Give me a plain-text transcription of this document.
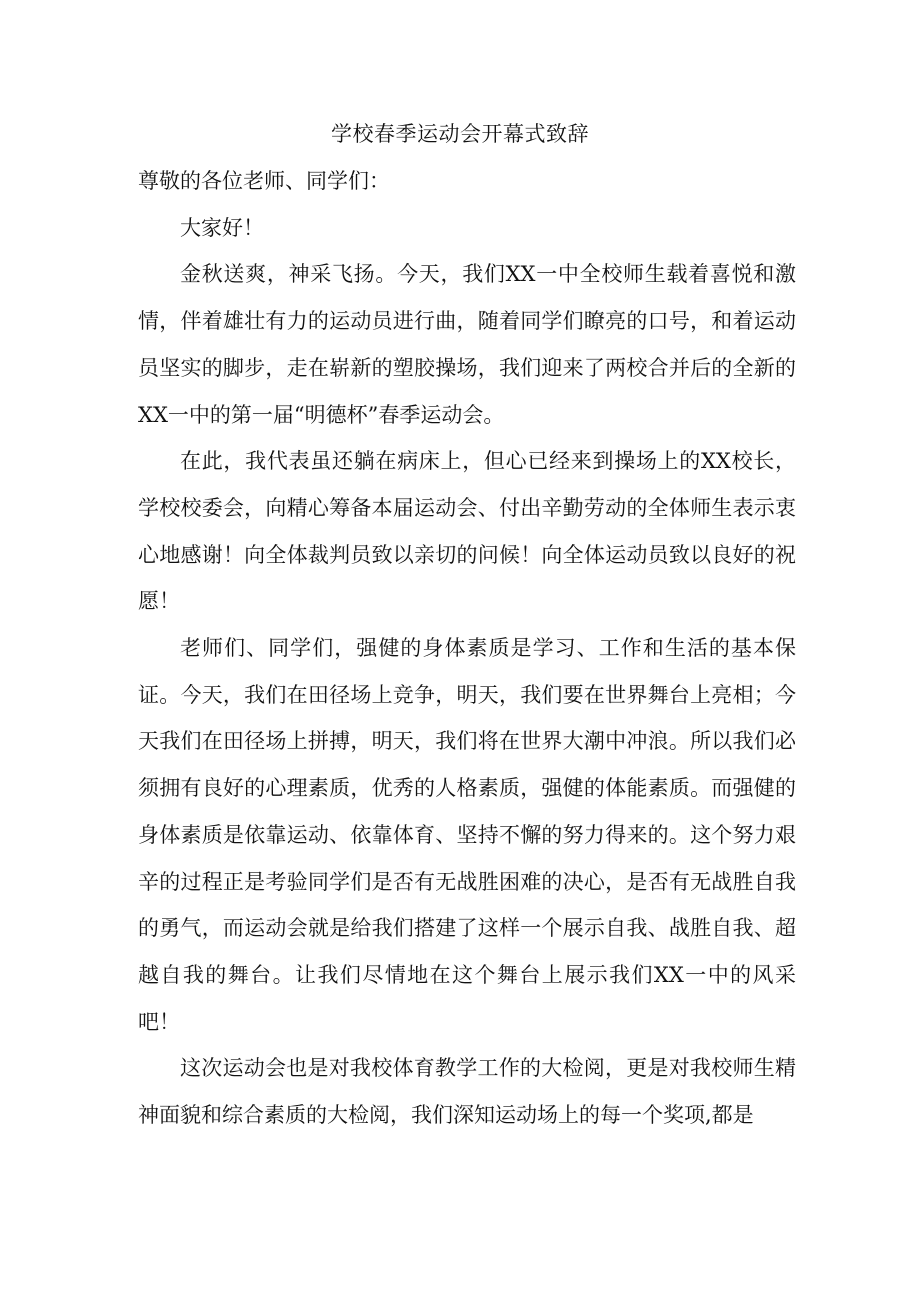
学校春季运动会开幕式致辞

尊敬的各位老师、同学们：

大家好！

金秋送爽，神采飞扬。今天，我们XX一中全校师生载着喜悦和激情，伴着雄壮有力的运动员进行曲，随着同学们瞭亮的口号，和着运动员坚实的脚步，走在崭新的塑胶操场，我们迎来了两校合并后的全新的XX一中的第一届“明德杯”春季运动会。

在此，我代表虽还躺在病床上，但心已经来到操场上的XX校长，学校校委会，向精心筹备本届运动会、付出辛勤劳动的全体师生表示衷心地感谢！向全体裁判员致以亲切的问候！向全体运动员致以良好的祝愿！

老师们、同学们，强健的身体素质是学习、工作和生活的基本保证。今天，我们在田径场上竞争，明天，我们要在世界舞台上亮相；今天我们在田径场上拼搏，明天，我们将在世界大潮中冲浪。所以我们必须拥有良好的心理素质，优秀的人格素质，强健的体能素质。而强健的身体素质是依靠运动、依靠体育、坚持不懈的努力得来的。这个努力艰辛的过程正是考验同学们是否有无战胜困难的决心，是否有无战胜自我的勇气，而运动会就是给我们搭建了这样一个展示自我、战胜自我、超越自我的舞台。让我们尽情地在这个舞台上展示我们XX一中的风采吧！

这次运动会也是对我校体育教学工作的大检阅，更是对我校师生精神面貌和综合素质的大检阅，我们深知运动场上的每一个奖项,都是
